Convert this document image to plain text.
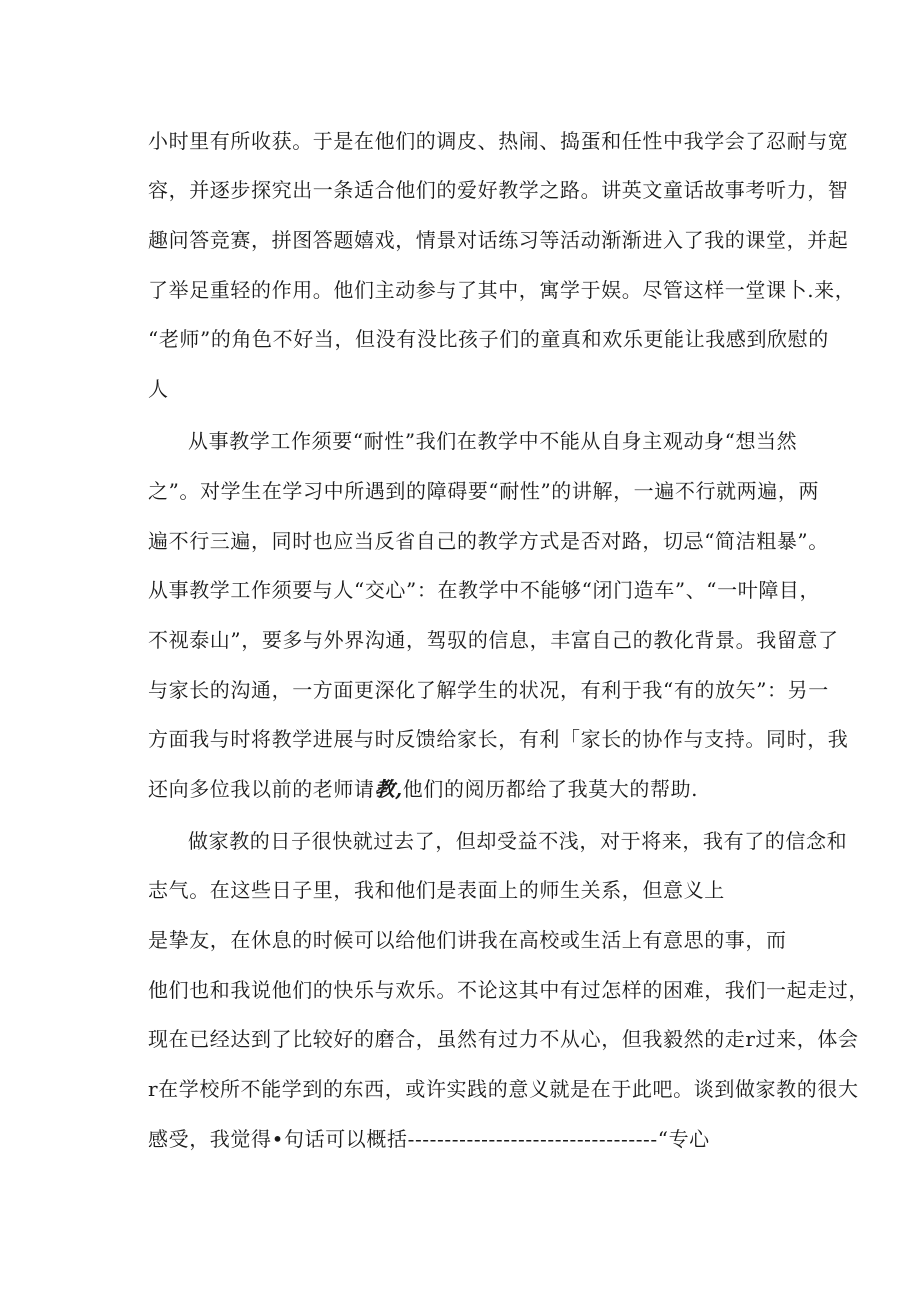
小时里有所收获。于是在他们的调皮、热闹、捣蛋和任性中我学会了忍耐与宽
容，并逐步探究出一条适合他们的爱好教学之路。讲英文童话故事考听力，智
趣问答竞赛，拼图答题嬉戏，情景对话练习等活动渐渐进入了我的课堂，并起
了举足重轻的作用。他们主动参与了其中，寓学于娱。尽管这样一堂课卜.来，
“老师”的角色不好当，但没有没比孩子们的童真和欢乐更能让我感到欣慰的
人
从事教学工作须要“耐性”我们在教学中不能从自身主观动身“想当然
之”。对学生在学习中所遇到的障碍要“耐性”的讲解，一遍不行就两遍，两
遍不行三遍，同时也应当反省自己的教学方式是否对路，切忌“简洁粗暴”。
从事教学工作须要与人“交心”：在教学中不能够“闭门造车”、“一叶障目，
不视泰山”，要多与外界沟通，驾驭的信息，丰富自己的教化背景。我留意了
与家长的沟通，一方面更深化了解学生的状况，有利于我“有的放矢”：另一
方面我与时将教学进展与时反馈给家长，有利「家长的协作与支持。同时，我
还向多位我以前的老师请教,他们的阅历都给了我莫大的帮助.
做家教的日子很快就过去了，但却受益不浅，对于将来，我有了的信念和
志气。在这些日子里，我和他们是表面上的师生关系，但意义上
是挚友，在休息的时候可以给他们讲我在高校或生活上有意思的事，而
他们也和我说他们的快乐与欢乐。不论这其中有过怎样的困难，我们一起走过，
现在已经达到了比较好的磨合，虽然有过力不从心，但我毅然的走r过来，体会
r在学校所不能学到的东西，或许实践的意义就是在于此吧。谈到做家教的很大
感受，我觉得•句话可以概括----------------------------------“专心
